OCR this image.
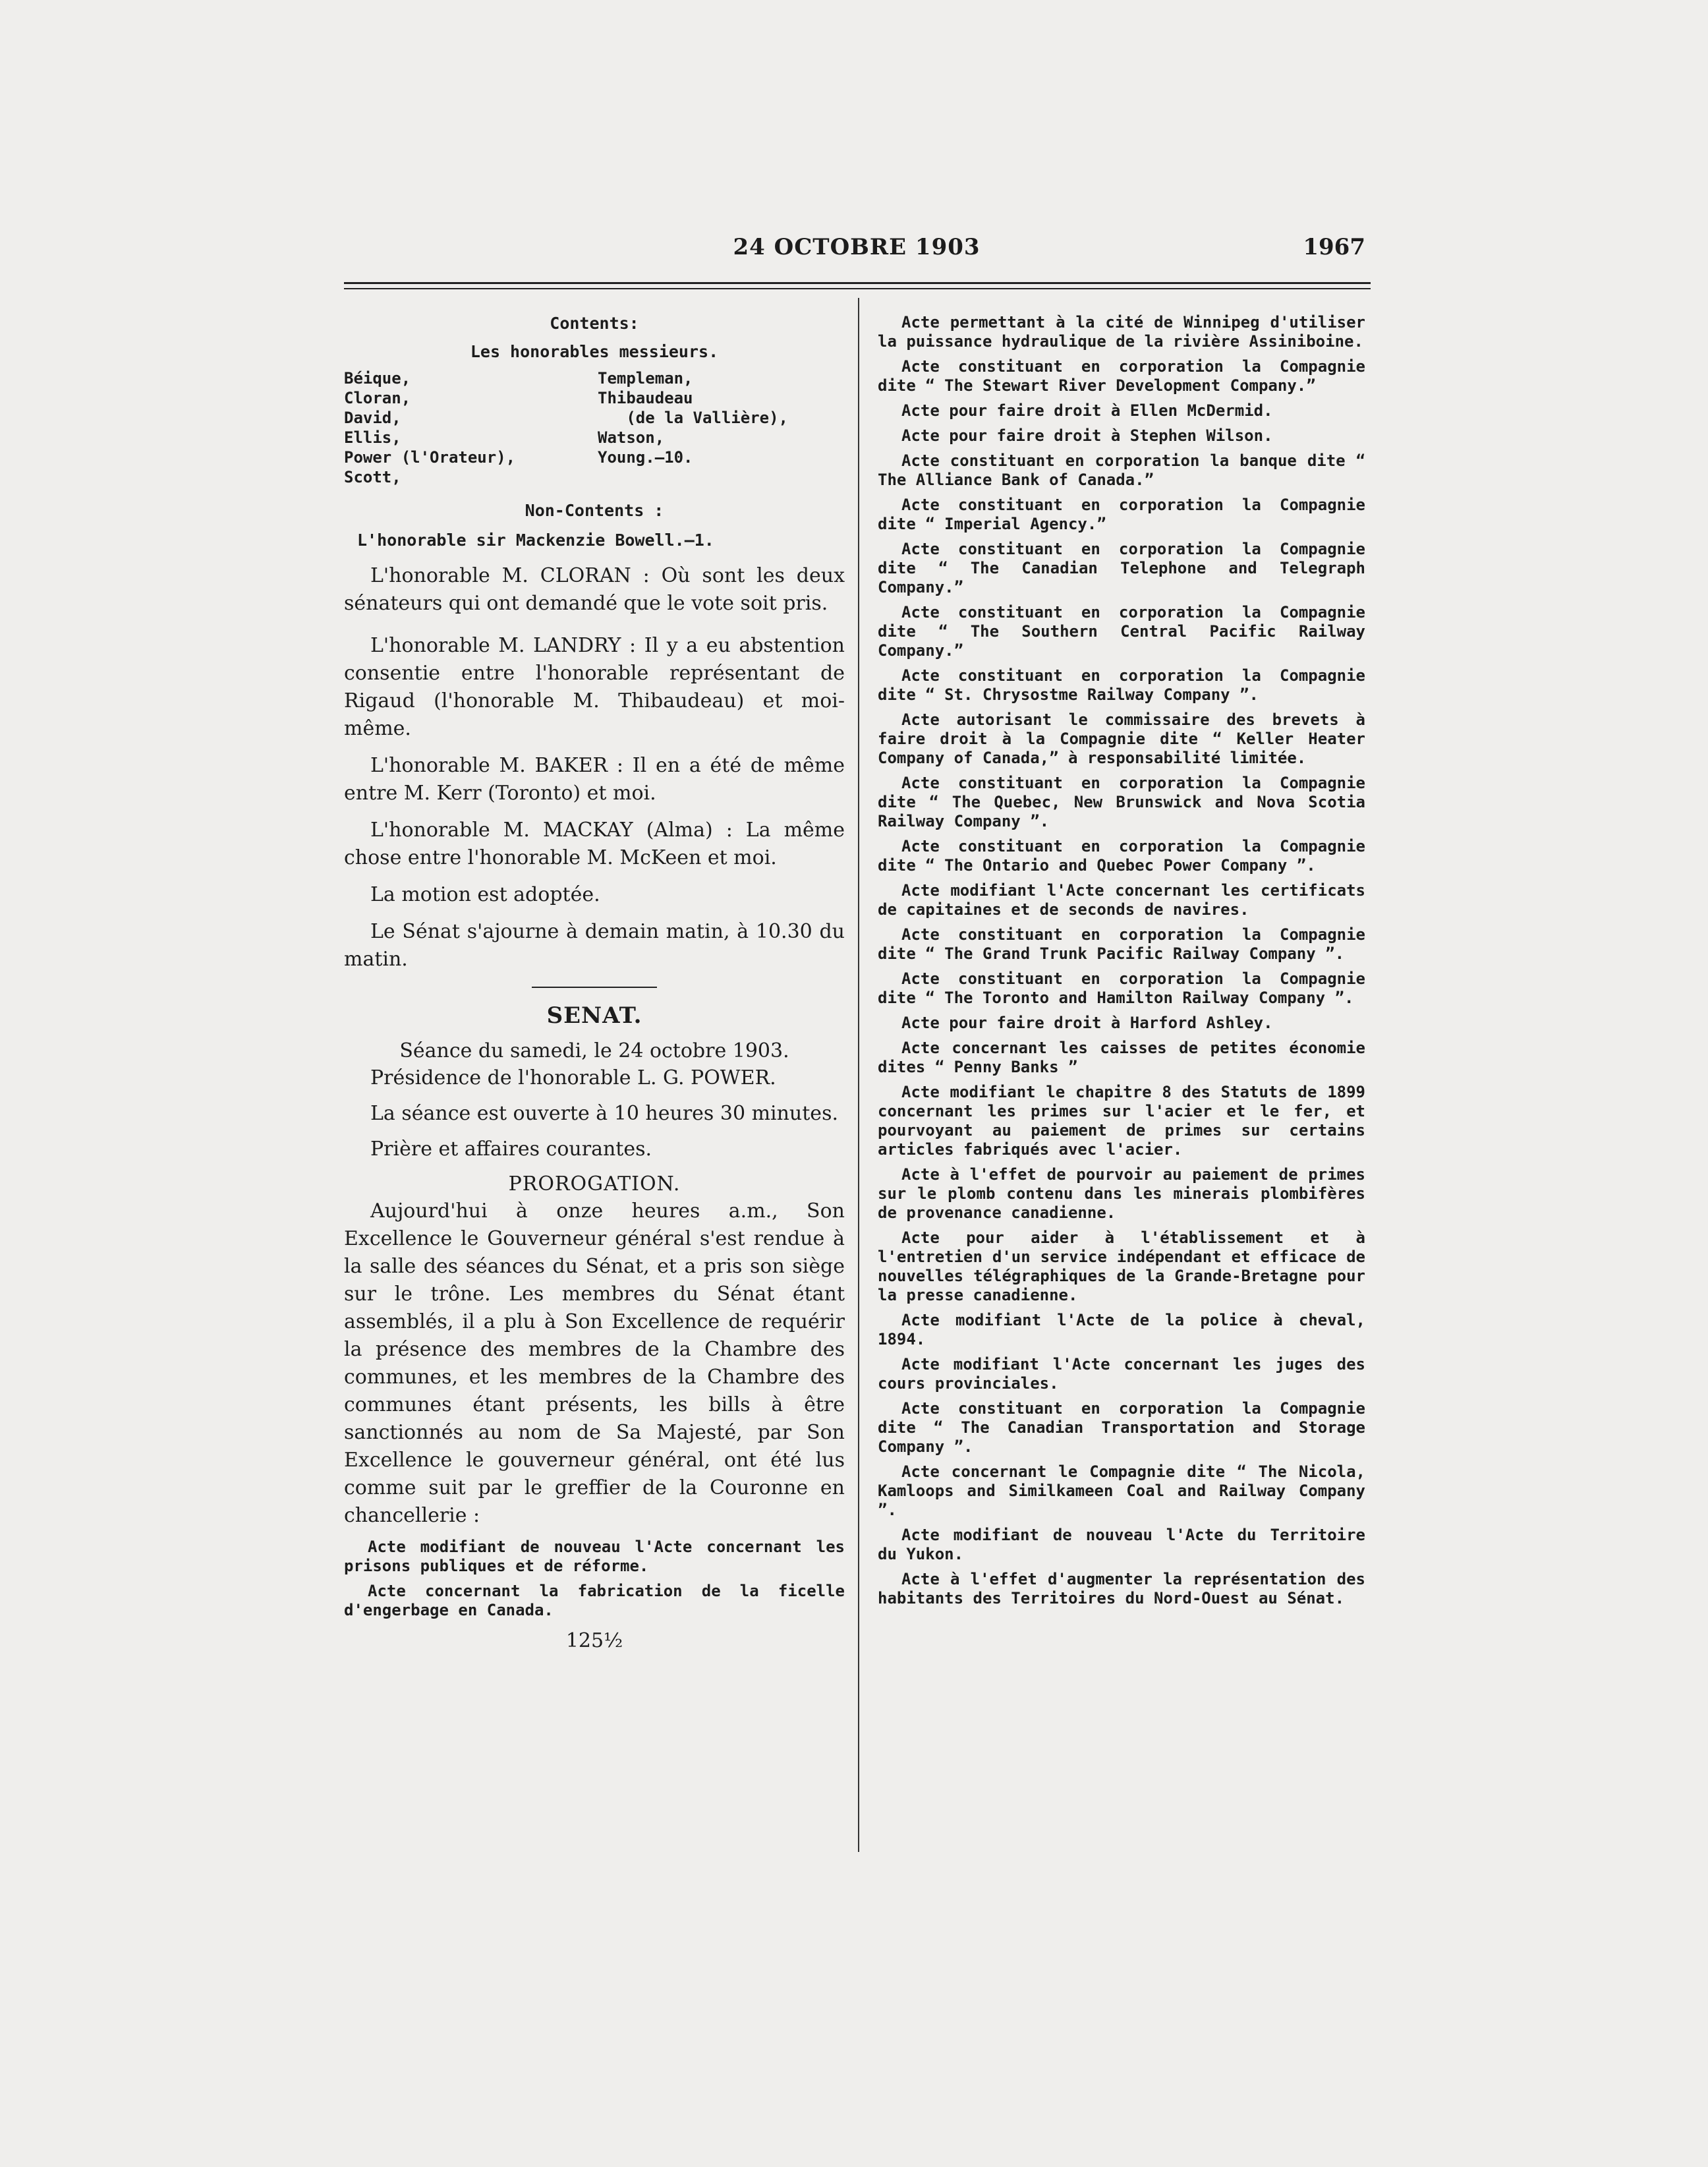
24 OCTOBRE 1903	1967

Contents:

Les honorables messieurs.

Béique,
Cloran,
David,
Ellis,
Power (l'Orateur),
Scott,
Templeman,
Thibaudeau
(de la Vallière),
Watson,
Young.—10.

Non-Contents :

L'honorable sir Mackenzie Bowell.—1.

L'honorable M. CLORAN : Où sont les deux sénateurs qui ont demandé que le vote soit pris.

L'honorable M. LANDRY : Il y a eu abstention consentie entre l'honorable représentant de Rigaud (l'honorable M. Thibaudeau) et moi-même.

L'honorable M. BAKER : Il en a été de même entre M. Kerr (Toronto) et moi.

L'honorable M. MACKAY (Alma) : La même chose entre l'honorable M. McKeen et moi.

La motion est adoptée.

Le Sénat s'ajourne à demain matin, à 10.30 du matin.

SENAT.

Séance du samedi, le 24 octobre 1903.

Présidence de l'honorable L. G. POWER.

La séance est ouverte à 10 heures 30 minutes.

Prière et affaires courantes.

PROROGATION.

Aujourd'hui à onze heures a.m., Son Excellence le Gouverneur général s'est rendue à la salle des séances du Sénat, et a pris son siège sur le trône. Les membres du Sénat étant assemblés, il a plu à Son Excellence de requérir la présence des membres de la Chambre des communes, et les membres de la Chambre des communes étant présents, les bills à être sanctionnés au nom de Sa Majesté, par Son Excellence le gouverneur général, ont été lus comme suit par le greffier de la Couronne en chancellerie :

Acte modifiant de nouveau l'Acte concernant les prisons publiques et de réforme.

Acte concernant la fabrication de la ficelle d'engerbage en Canada.

125½

Acte permettant à la cité de Winnipeg d'utiliser la puissance hydraulique de la rivière Assiniboine.

Acte constituant en corporation la Compagnie dite “ The Stewart River Development Company.”

Acte pour faire droit à Ellen McDermid.

Acte pour faire droit à Stephen Wilson.

Acte constituant en corporation la banque dite “ The Alliance Bank of Canada.”

Acte constituant en corporation la Compagnie dite “ Imperial Agency.”

Acte constituant en corporation la Compagnie dite “ The Canadian Telephone and Telegraph Company.”

Acte constituant en corporation la Compagnie dite “ The Southern Central Pacific Railway Company.”

Acte constituant en corporation la Compagnie dite “ St. Chrysostme Railway Company ”.

Acte autorisant le commissaire des brevets à faire droit à la Compagnie dite “ Keller Heater Company of Canada,” à responsabilité limitée.

Acte constituant en corporation la Compagnie dite “ The Quebec, New Brunswick and Nova Scotia Railway Company ”.

Acte constituant en corporation la Compagnie dite “ The Ontario and Quebec Power Company ”.

Acte modifiant l'Acte concernant les certificats de capitaines et de seconds de navires.

Acte constituant en corporation la Compagnie dite “ The Grand Trunk Pacific Railway Company ”.

Acte constituant en corporation la Compagnie dite “ The Toronto and Hamilton Railway Company ”.

Acte pour faire droit à Harford Ashley.

Acte concernant les caisses de petites économie dites “ Penny Banks ”

Acte modifiant le chapitre 8 des Statuts de 1899 concernant les primes sur l'acier et le fer, et pourvoyant au paiement de primes sur certains articles fabriqués avec l'acier.

Acte à l'effet de pourvoir au paiement de primes sur le plomb contenu dans les minerais plombifères de provenance canadienne.

Acte pour aider à l'établissement et à l'entretien d'un service indépendant et efficace de nouvelles télégraphiques de la Grande-Bretagne pour la presse canadienne.

Acte modifiant l'Acte de la police à cheval, 1894.

Acte modifiant l'Acte concernant les juges des cours provinciales.

Acte constituant en corporation la Compagnie dite “ The Canadian Transportation and Storage Company ”.

Acte concernant le Compagnie dite “ The Nicola, Kamloops and Similkameen Coal and Railway Company ”.

Acte modifiant de nouveau l'Acte du Territoire du Yukon.

Acte à l'effet d'augmenter la représentation des habitants des Territoires du Nord-Ouest au Sénat.
